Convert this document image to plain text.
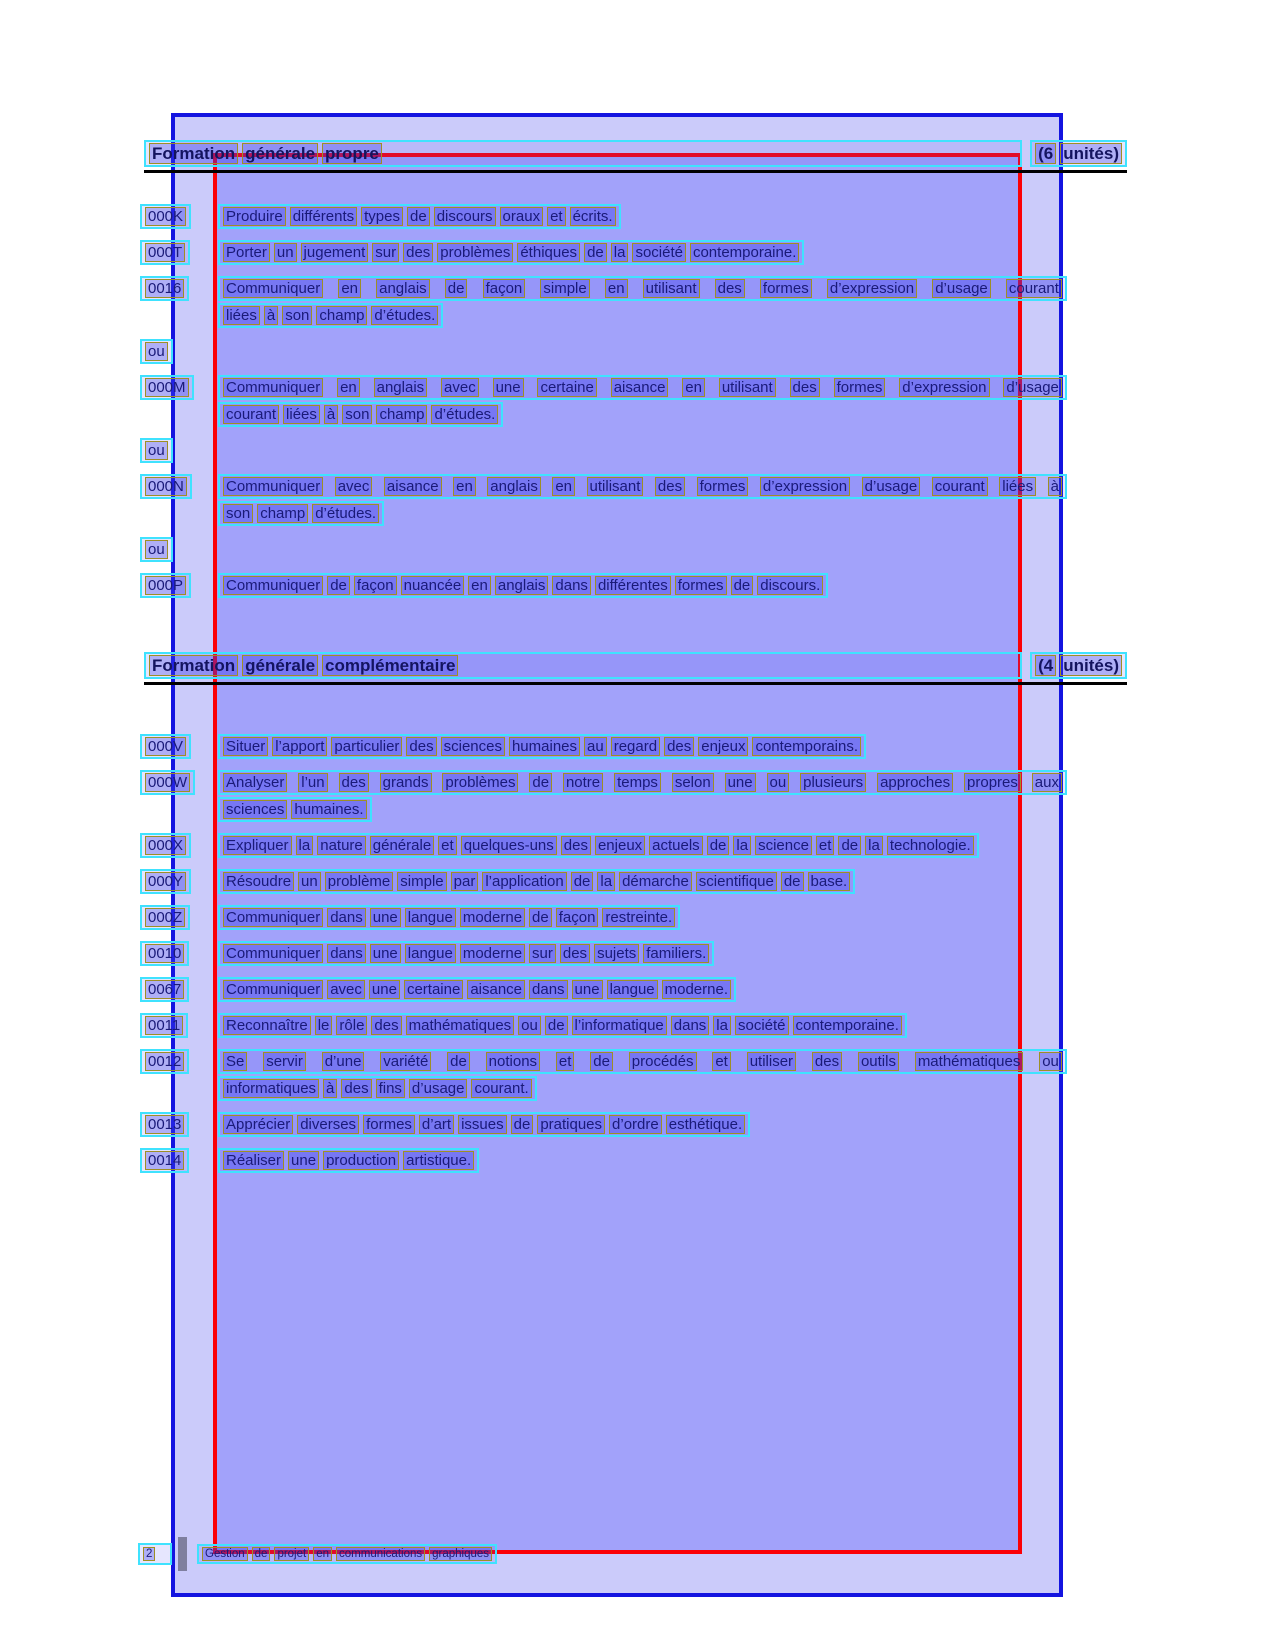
Formation générale propre	(6 unités)
000K	Produire différents types de discours oraux et écrits.
000T	Porter un jugement sur des problèmes éthiques de la société contemporaine.
0016	Communiquer en anglais de façon simple en utilisant des formes d’expression d’usage courant
liées à son champ d’études.
ou
000M	Communiquer en anglais avec une certaine aisance en utilisant des formes d’expression d’usage
courant liées à son champ d’études.
ou
000N	Communiquer avec aisance en anglais en utilisant des formes d’expression d’usage courant liées à
son champ d’études.
ou
000P	Communiquer de façon nuancée en anglais dans différentes formes de discours.
Formation générale complémentaire	(4 unités)
000V	Situer l’apport particulier des sciences humaines au regard des enjeux contemporains.
000W	Analyser l’un des grands problèmes de notre temps selon une ou plusieurs approches propres aux
sciences humaines.
000X	Expliquer la nature générale et quelques-uns des enjeux actuels de la science et de la technologie.
000Y	Résoudre un problème simple par l’application de la démarche scientifique de base.
000Z	Communiquer dans une langue moderne de façon restreinte.
0010	Communiquer dans une langue moderne sur des sujets familiers.
0067	Communiquer avec une certaine aisance dans une langue moderne.
0011	Reconnaître le rôle des mathématiques ou de l’informatique dans la société contemporaine.
0012	Se servir d’une variété de notions et de procédés et utiliser des outils mathématiques ou
informatiques à des fins d’usage courant.
0013	Apprécier diverses formes d’art issues de pratiques d’ordre esthétique.
0014	Réaliser une production artistique.
2	Gestion de projet en communications graphiques
